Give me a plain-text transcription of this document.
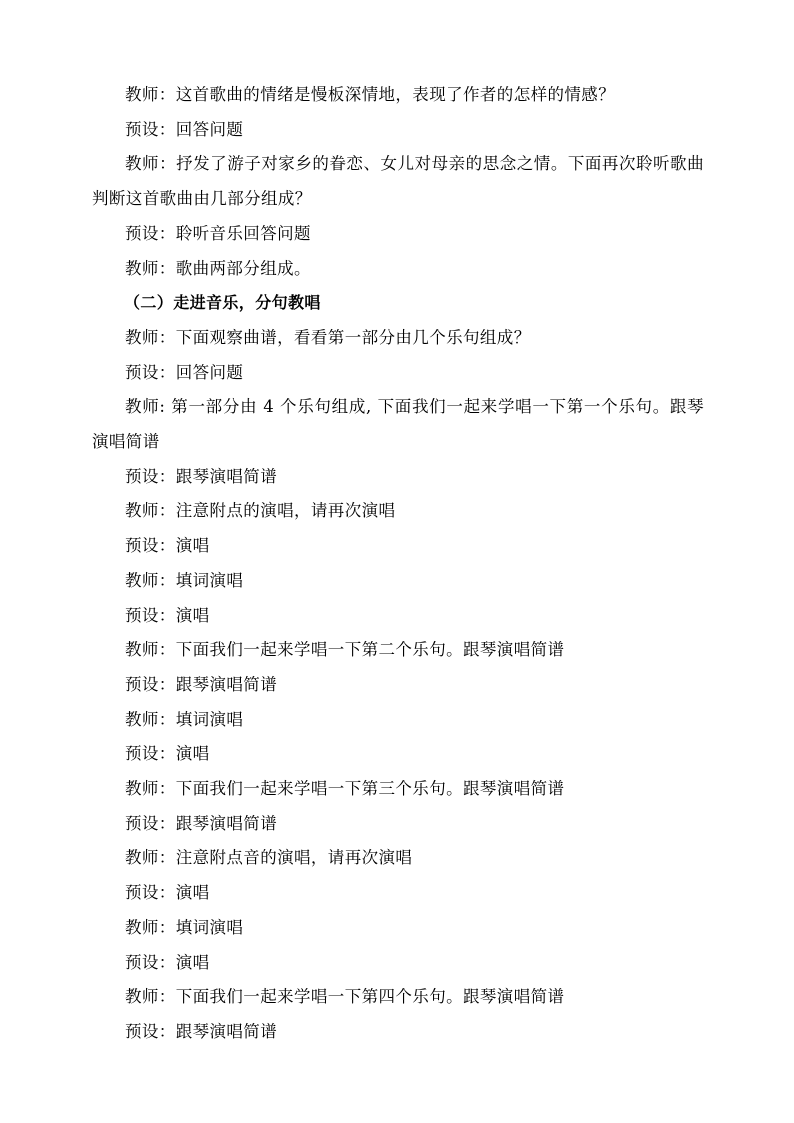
教师：这首歌曲的情绪是慢板深情地，表现了作者的怎样的情感？

预设：回答问题

教师：抒发了游子对家乡的眷恋、女儿对母亲的思念之情。下面再次聆听歌曲判断这首歌曲由几部分组成？

预设：聆听音乐回答问题

教师：歌曲两部分组成。

（二）走进音乐，分句教唱

教师：下面观察曲谱，看看第一部分由几个乐句组成？

预设：回答问题

教师: 第一部分由 4 个乐句组成, 下面我们一起来学唱一下第一个乐句。跟琴演唱简谱

预设：跟琴演唱简谱

教师：注意附点的演唱，请再次演唱

预设：演唱

教师：填词演唱

预设：演唱

教师：下面我们一起来学唱一下第二个乐句。跟琴演唱简谱

预设：跟琴演唱简谱

教师：填词演唱

预设：演唱

教师：下面我们一起来学唱一下第三个乐句。跟琴演唱简谱

预设：跟琴演唱简谱

教师：注意附点音的演唱，请再次演唱

预设：演唱

教师：填词演唱

预设：演唱

教师：下面我们一起来学唱一下第四个乐句。跟琴演唱简谱

预设：跟琴演唱简谱
